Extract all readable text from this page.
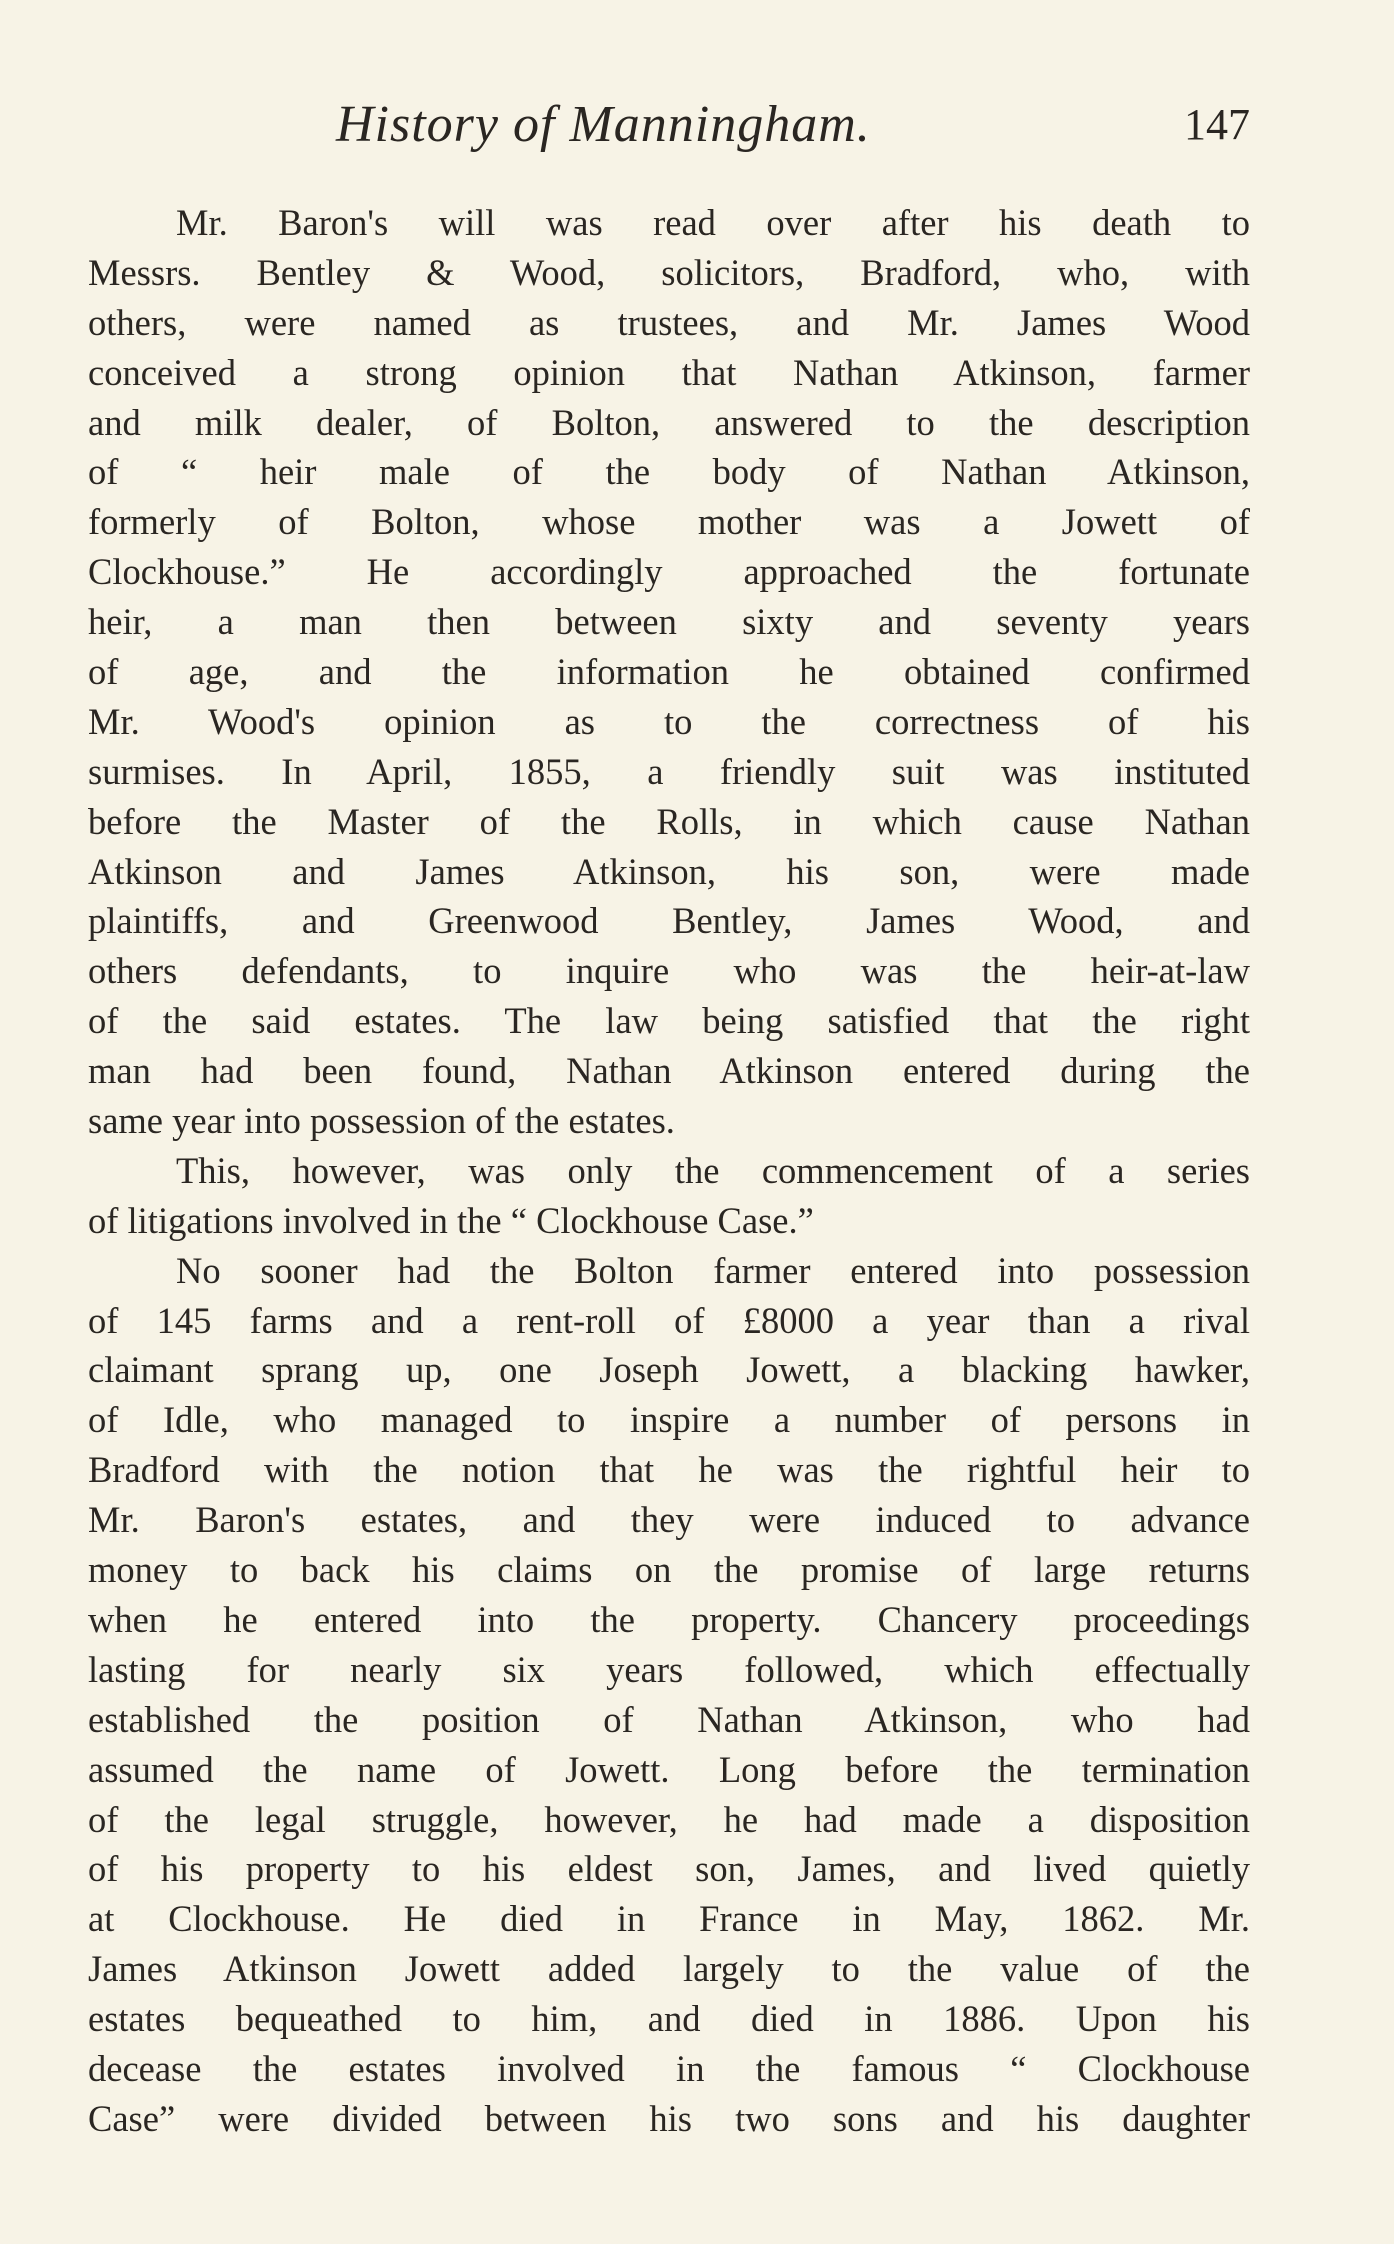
History of Manningham.	147
Mr. Baron's will was read over after his death to
Messrs. Bentley & Wood, solicitors, Bradford, who, with
others, were named as trustees, and Mr. James Wood
conceived a strong opinion that Nathan Atkinson, farmer
and milk dealer, of Bolton, answered to the description
of “ heir male of the body of Nathan Atkinson,
formerly of Bolton, whose mother was a Jowett of
Clockhouse.” He accordingly approached the fortunate
heir, a man then between sixty and seventy years
of age, and the information he obtained confirmed
Mr. Wood's opinion as to the correctness of his
surmises. In April, 1855, a friendly suit was instituted
before the Master of the Rolls, in which cause Nathan
Atkinson and James Atkinson, his son, were made
plaintiffs, and Greenwood Bentley, James Wood, and
others defendants, to inquire who was the heir-at-law
of the said estates. The law being satisfied that the right
man had been found, Nathan Atkinson entered during the
same year into possession of the estates.
This, however, was only the commencement of a series
of litigations involved in the “ Clockhouse Case.”
No sooner had the Bolton farmer entered into possession
of 145 farms and a rent-roll of £8000 a year than a rival
claimant sprang up, one Joseph Jowett, a blacking hawker,
of Idle, who managed to inspire a number of persons in
Bradford with the notion that he was the rightful heir to
Mr. Baron's estates, and they were induced to advance
money to back his claims on the promise of large returns
when he entered into the property. Chancery proceedings
lasting for nearly six years followed, which effectually
established the position of Nathan Atkinson, who had
assumed the name of Jowett. Long before the termination
of the legal struggle, however, he had made a disposition
of his property to his eldest son, James, and lived quietly
at Clockhouse. He died in France in May, 1862. Mr.
James Atkinson Jowett added largely to the value of the
estates bequeathed to him, and died in 1886. Upon his
decease the estates involved in the famous “ Clockhouse
Case” were divided between his two sons and his daughter
